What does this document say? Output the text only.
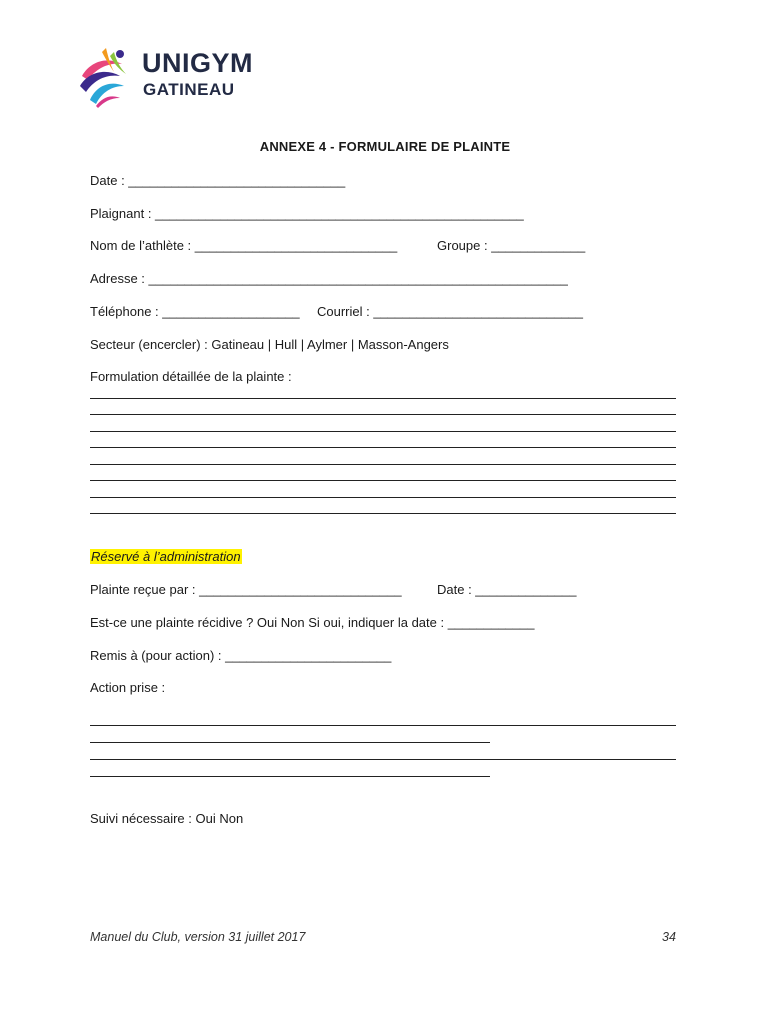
UNIGYM
GATINEAU
ANNEXE 4 - FORMULAIRE DE PLAINTE
Date : ______________________________
Plaignant : ___________________________________________________
Nom de l’athlète : ____________________________	Groupe : _____________
Adresse : __________________________________________________________
Téléphone : ___________________ Courriel : _____________________________
Secteur (encercler) : Gatineau | Hull | Aylmer | Masson-Angers
Formulation détaillée de la plainte :
Réservé à l’administration
Plainte reçue par : ____________________________	Date : ______________
Est-ce une plainte récidive ? Oui Non Si oui, indiquer la date : ____________
Remis à (pour action) : _______________________
Action prise :
Suivi nécessaire : Oui Non
Manuel du Club, version 31 juillet 2017	34
